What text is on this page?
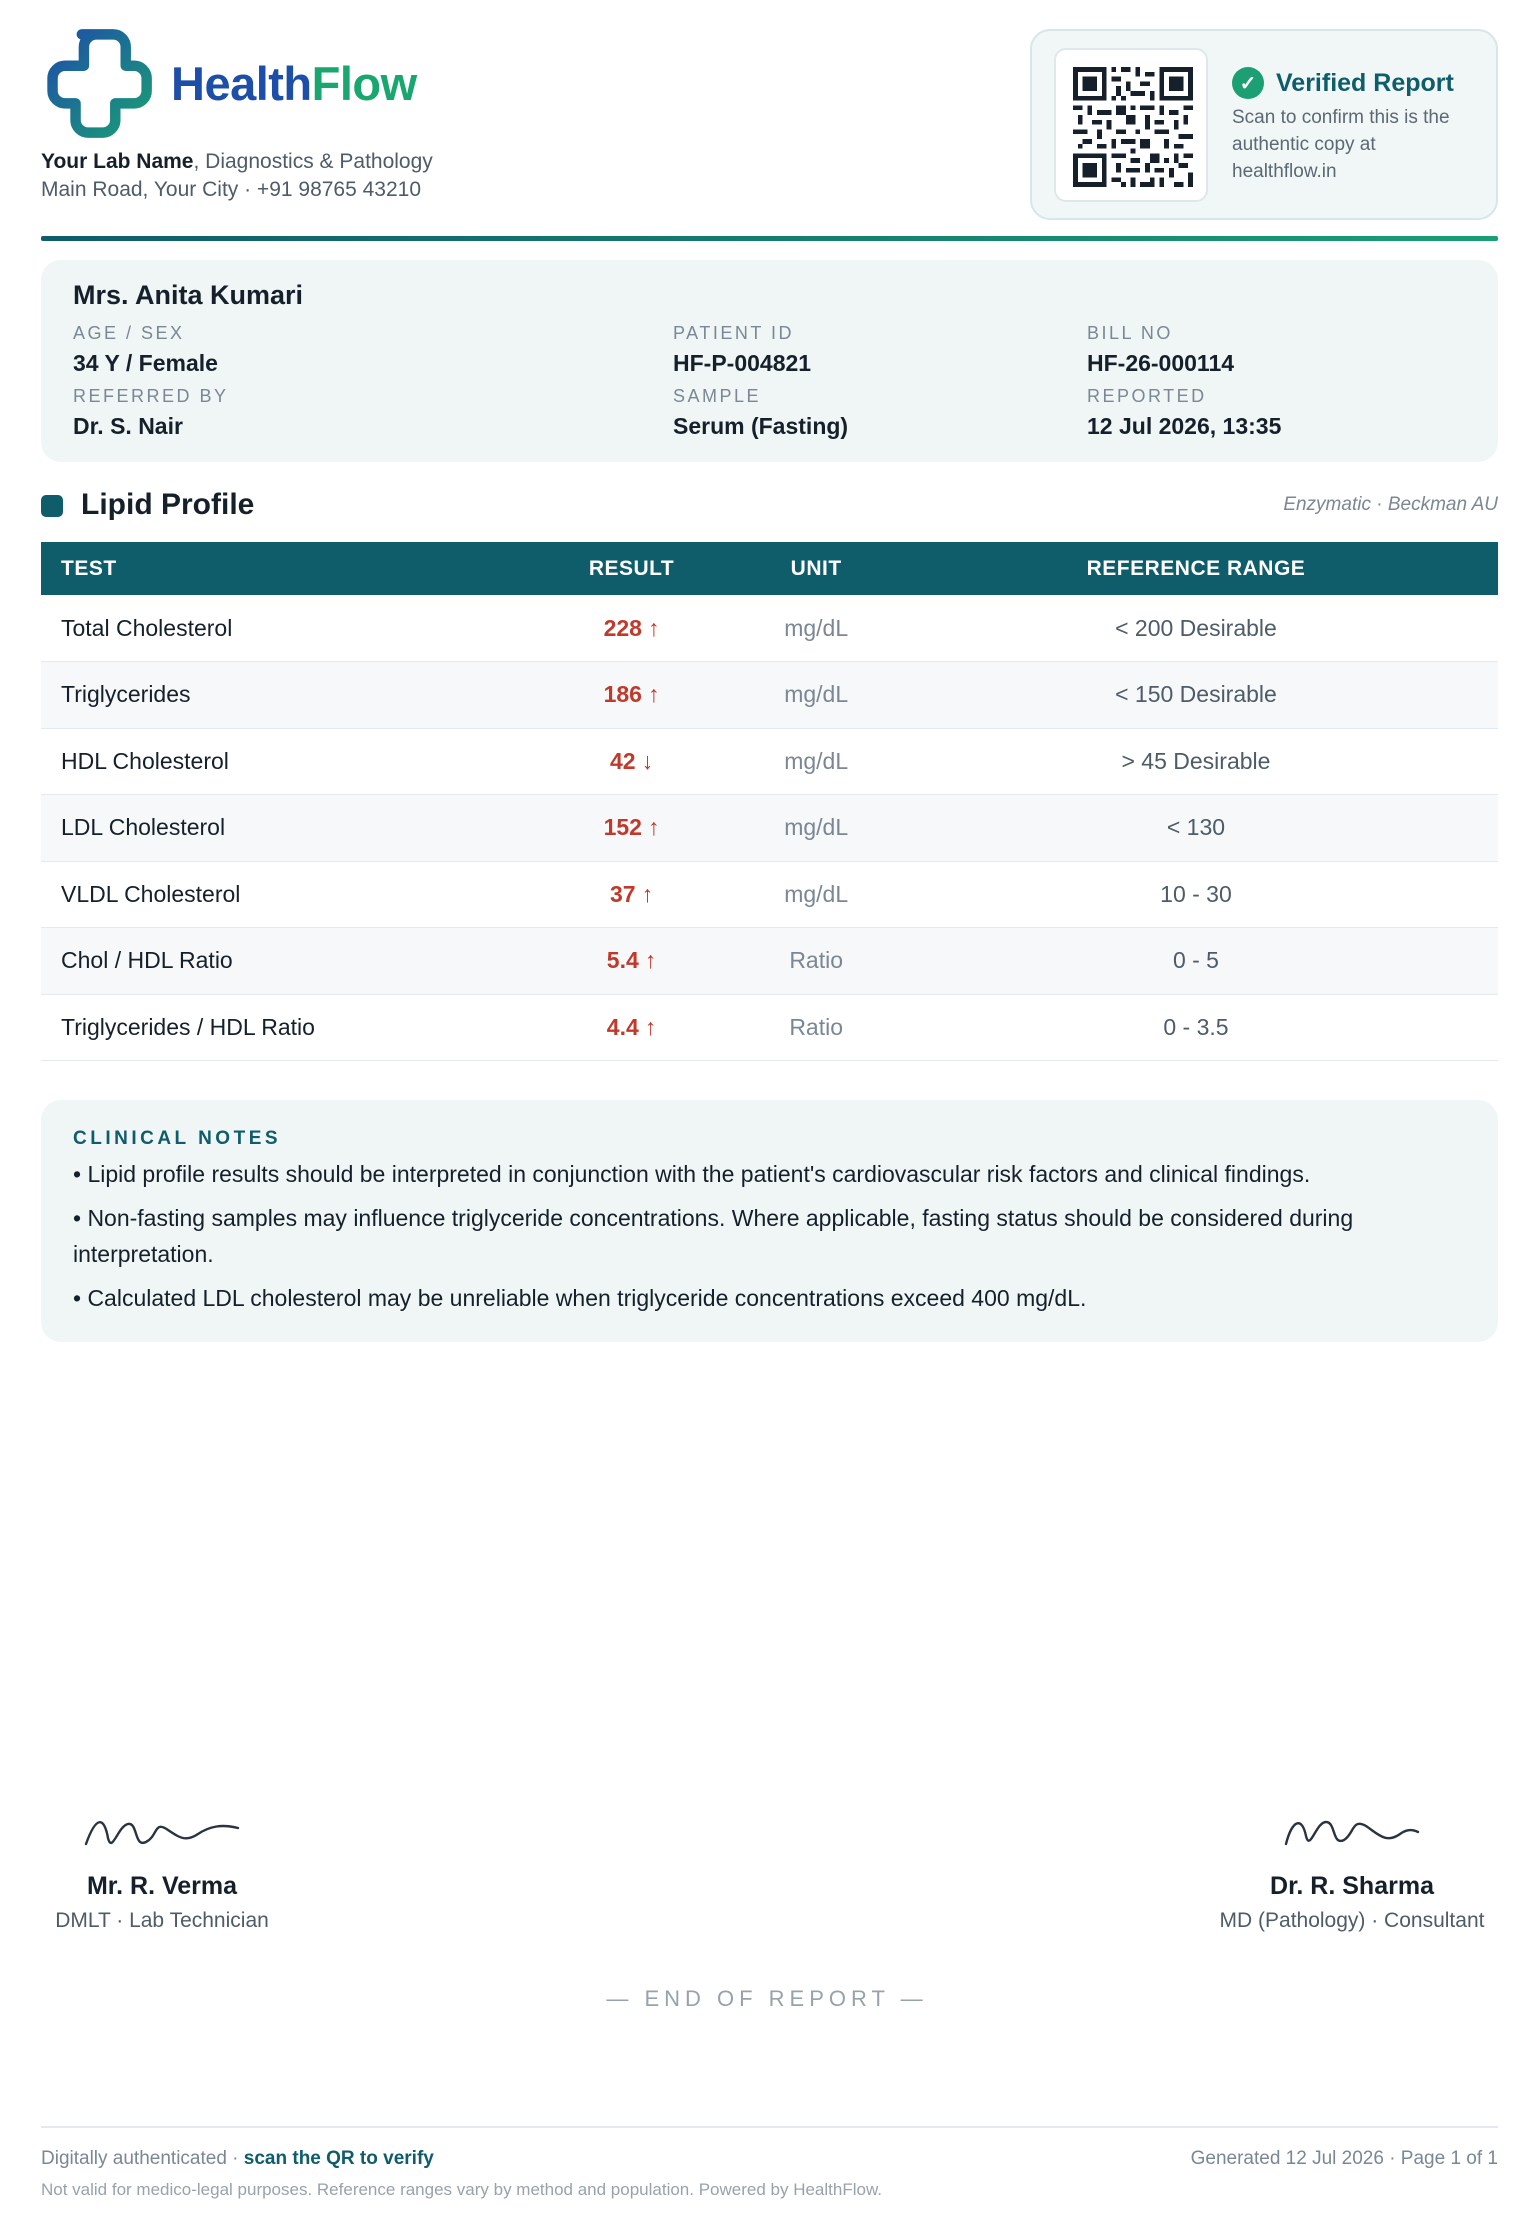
HealthFlow
Your Lab Name, Diagnostics & Pathology
Main Road, Your City · +91 98765 43210
✓ Verified Report
Scan to confirm this is the authentic copy at healthflow.in
Mrs. Anita Kumari
AGE / SEX
34 Y / Female
PATIENT ID
HF-P-004821
BILL NO
HF-26-000114
REFERRED BY
Dr. S. Nair
SAMPLE
Serum (Fasting)
REPORTED
12 Jul 2026, 13:35
Lipid Profile	Enzymatic · Beckman AU
TEST	RESULT	UNIT	REFERENCE RANGE
Total Cholesterol	228 ↑	mg/dL	< 200 Desirable
Triglycerides	186 ↑	mg/dL	< 150 Desirable
HDL Cholesterol	42 ↓	mg/dL	> 45 Desirable
LDL Cholesterol	152 ↑	mg/dL	< 130
VLDL Cholesterol	37 ↑	mg/dL	10 - 30
Chol / HDL Ratio	5.4 ↑	Ratio	0 - 5
Triglycerides / HDL Ratio	4.4 ↑	Ratio	0 - 3.5
CLINICAL NOTES
• Lipid profile results should be interpreted in conjunction with the patient's cardiovascular risk factors and clinical findings.
• Non-fasting samples may influence triglyceride concentrations. Where applicable, fasting status should be considered during interpretation.
• Calculated LDL cholesterol may be unreliable when triglyceride concentrations exceed 400 mg/dL.
Mr. R. Verma
DMLT · Lab Technician
Dr. R. Sharma
MD (Pathology) · Consultant
— END OF REPORT —
Digitally authenticated · scan the QR to verify
Not valid for medico-legal purposes. Reference ranges vary by method and population. Powered by HealthFlow.
Generated 12 Jul 2026 · Page 1 of 1
